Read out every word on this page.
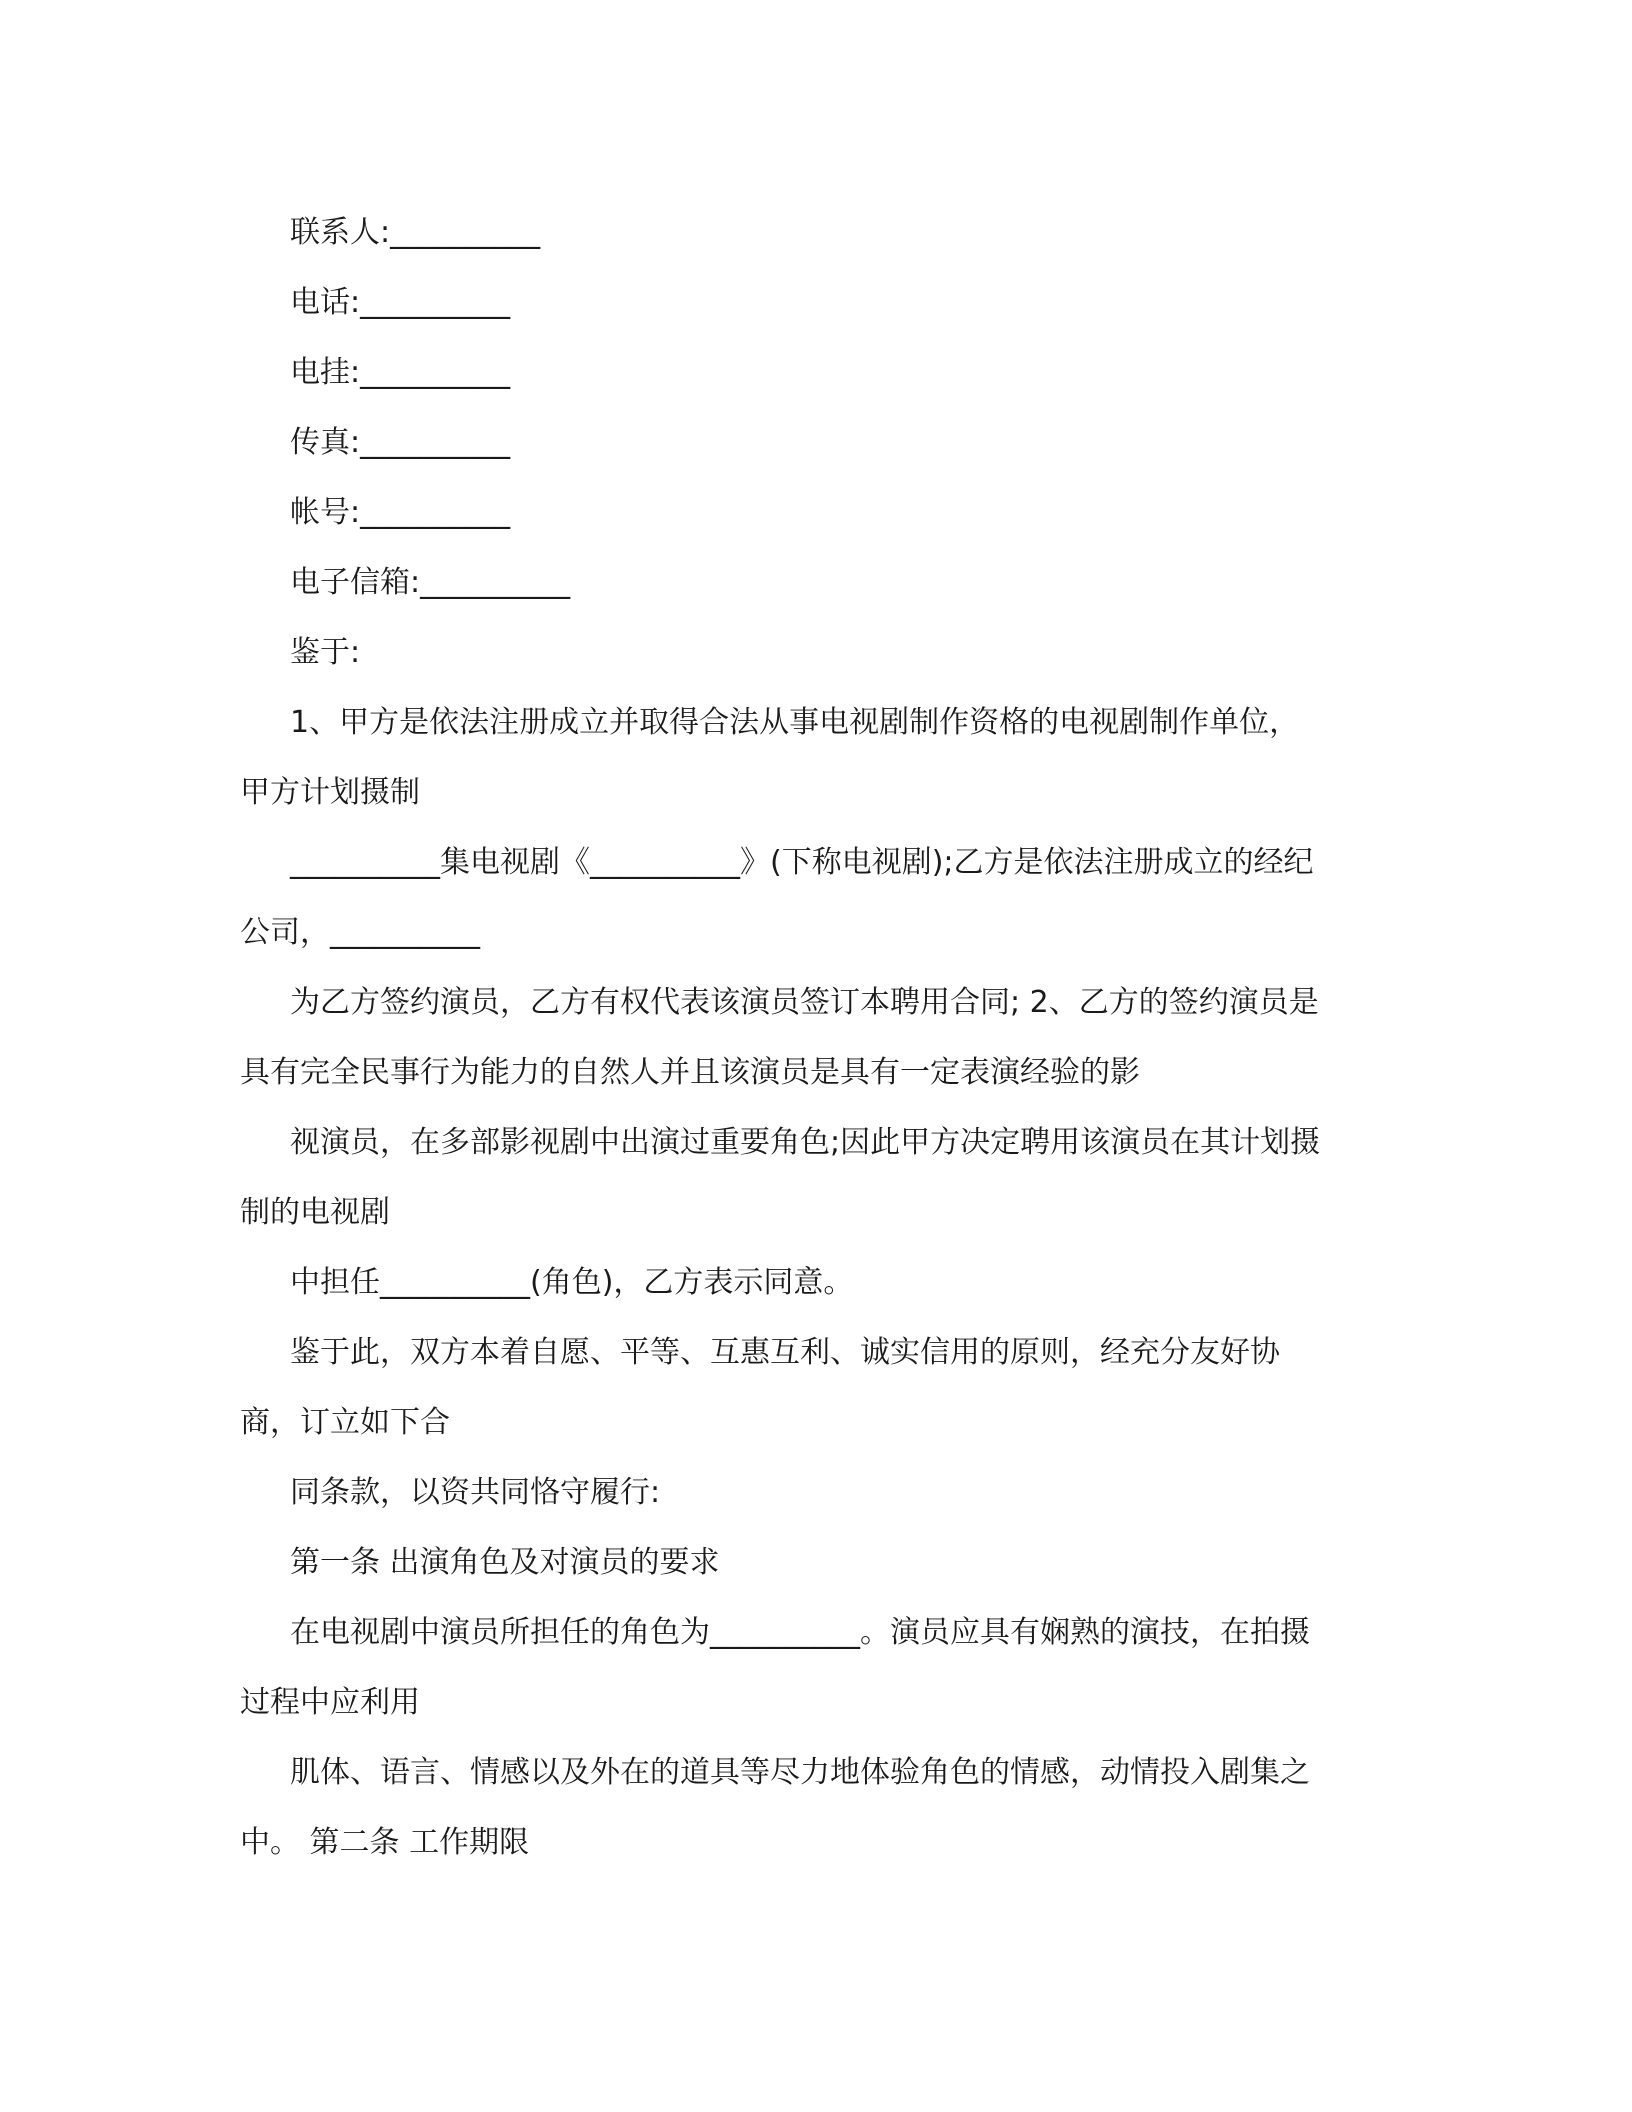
联系人:__________
电话:__________
电挂:__________
传真:__________
帐号:__________
电子信箱:__________
鉴于:
1、甲方是依法注册成立并取得合法从事电视剧制作资格的电视剧制作单位，
甲方计划摄制
__________集电视剧《__________》(下称电视剧);乙方是依法注册成立的经纪
公司，__________
为乙方签约演员，乙方有权代表该演员签订本聘用合同; 2、乙方的签约演员是
具有完全民事行为能力的自然人并且该演员是具有一定表演经验的影
视演员，在多部影视剧中出演过重要角色;因此甲方决定聘用该演员在其计划摄
制的电视剧
中担任__________(角色)，乙方表示同意。
鉴于此，双方本着自愿、平等、互惠互利、诚实信用的原则，经充分友好协
商，订立如下合
同条款，以资共同恪守履行:
第一条 出演角色及对演员的要求
在电视剧中演员所担任的角色为__________。演员应具有娴熟的演技，在拍摄
过程中应利用
肌体、语言、情感以及外在的道具等尽力地体验角色的情感，动情投入剧集之
中。 第二条 工作期限
